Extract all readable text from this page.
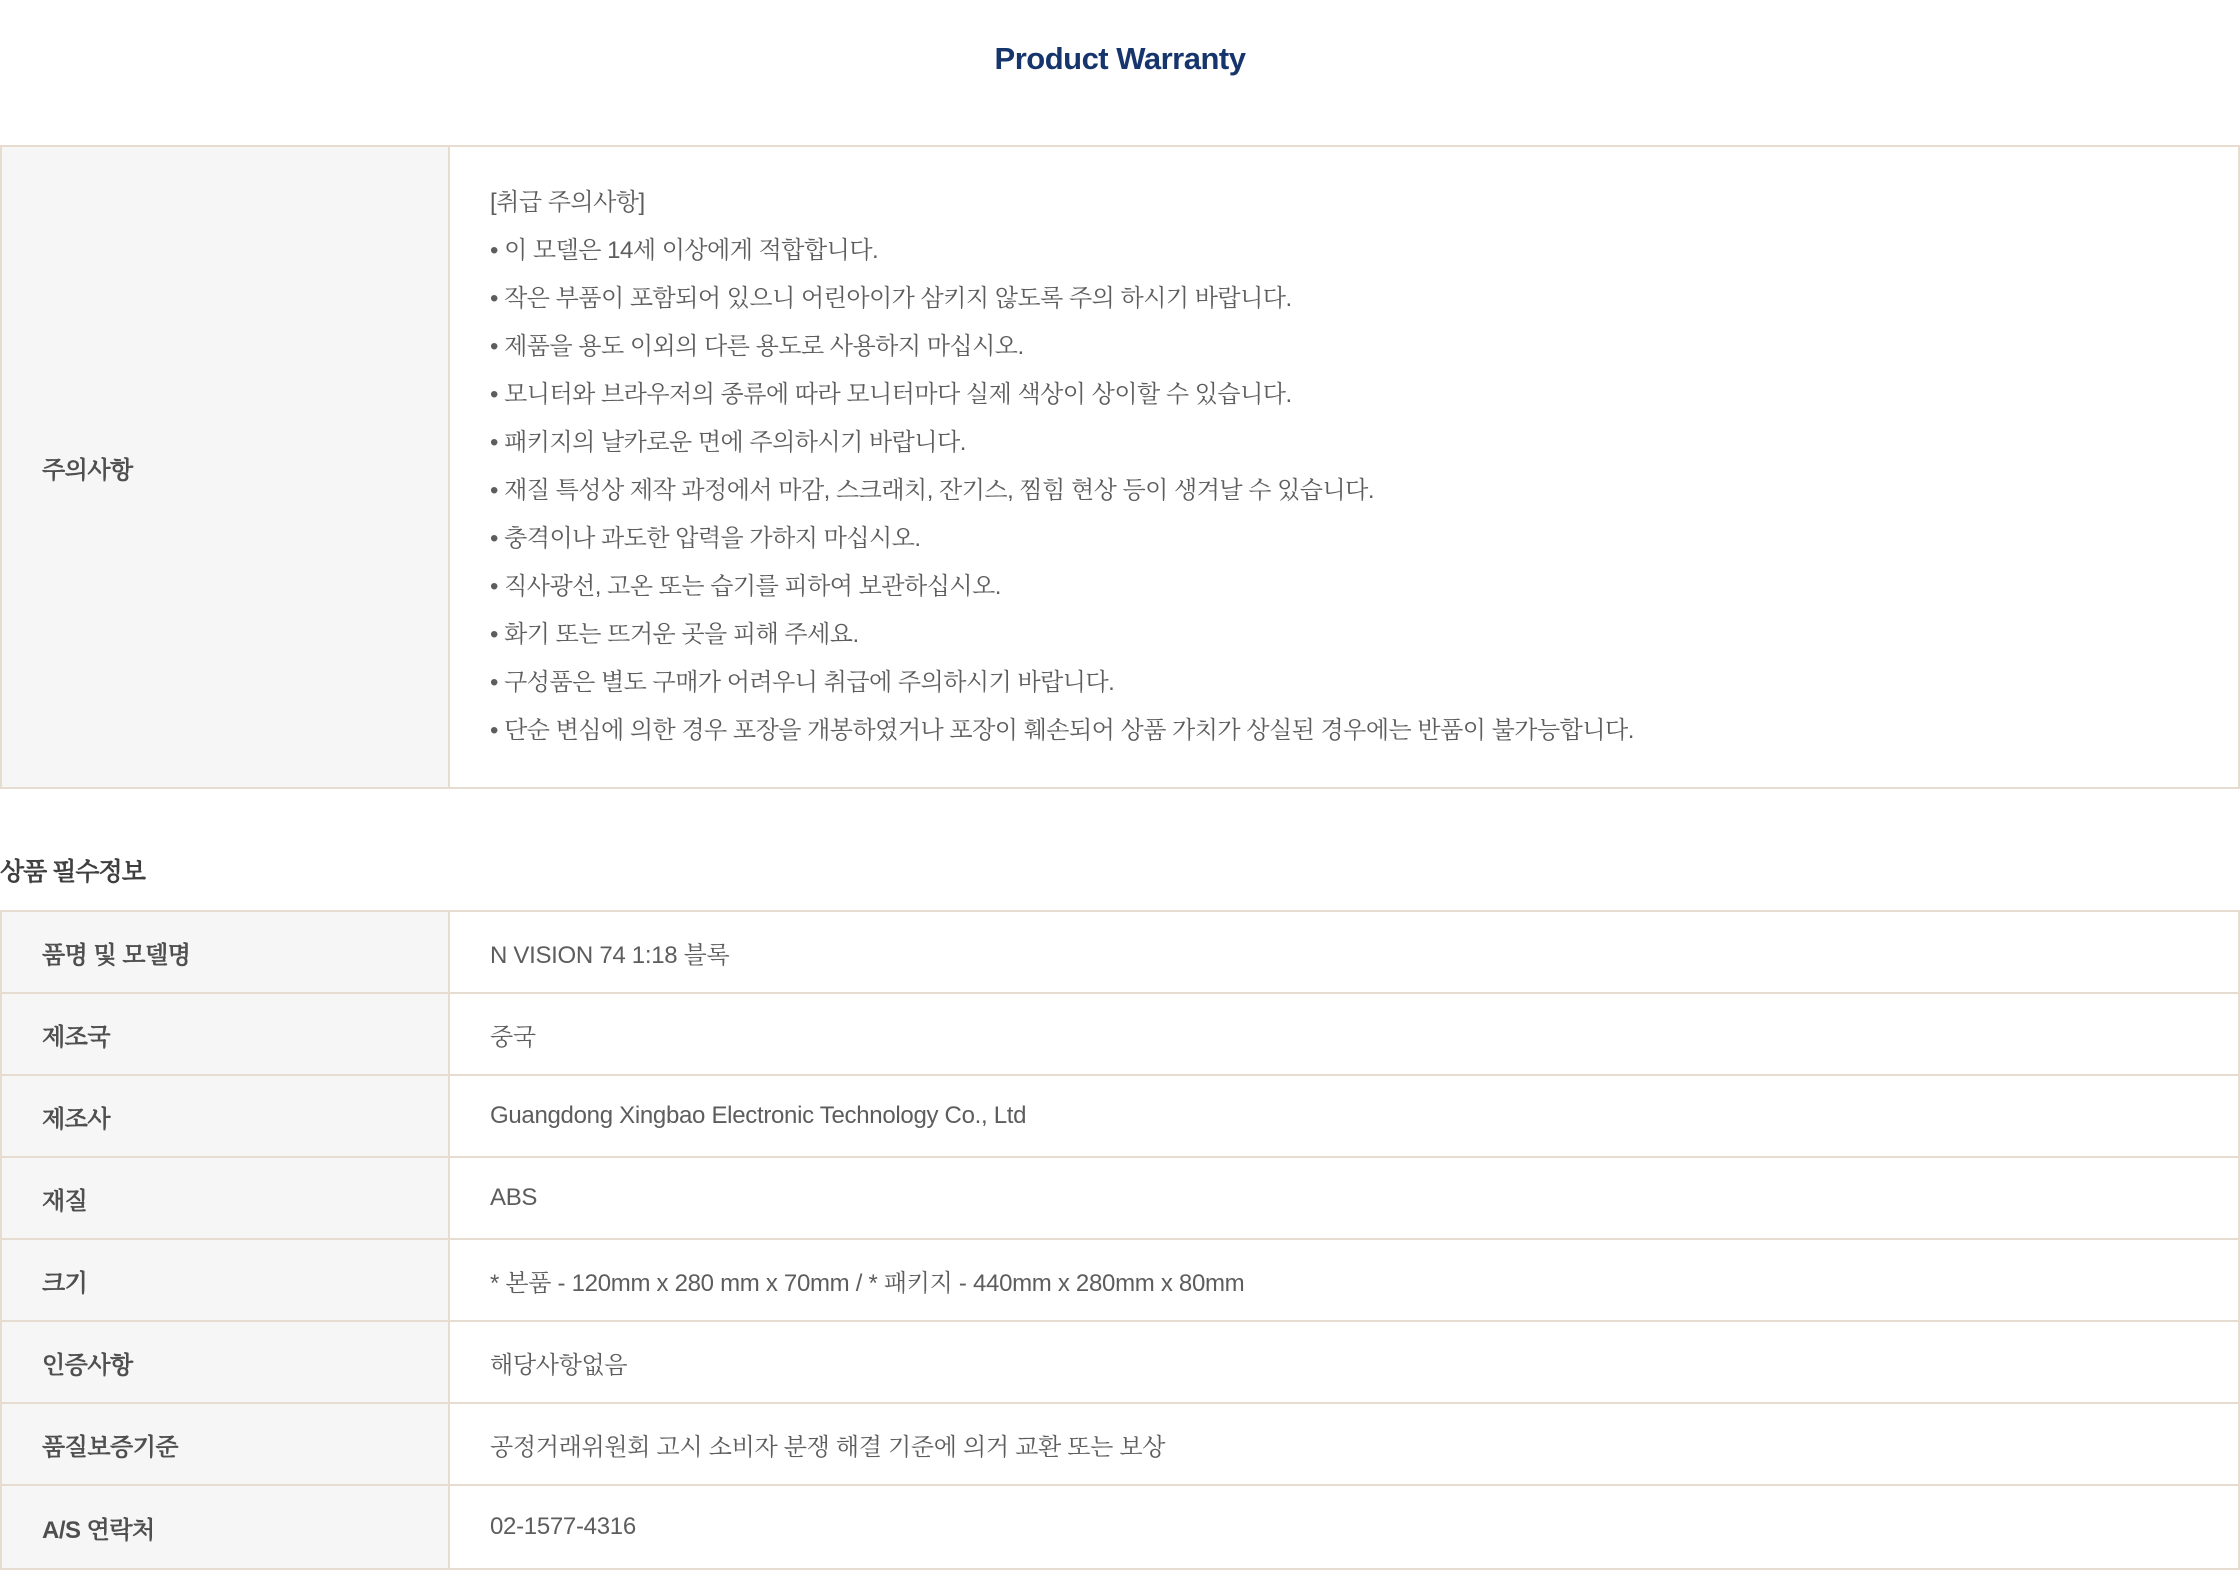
Product Warranty
주의사항

[취급 주의사항]

• 이 모델은 14세 이상에게 적합합니다.

• 작은 부품이 포함되어 있으니 어린아이가 삼키지 않도록 주의 하시기 바랍니다.

• 제품을 용도 이외의 다른 용도로 사용하지 마십시오.

• 모니터와 브라우저의 종류에 따라 모니터마다 실제 색상이 상이할 수 있습니다.

• 패키지의 날카로운 면에 주의하시기 바랍니다.

• 재질 특성상 제작 과정에서 마감, 스크래치, 잔기스, 찜힘 현상 등이 생겨날 수 있습니다.

• 충격이나 과도한 압력을 가하지 마십시오.

• 직사광선, 고온 또는 습기를 피하여 보관하십시오.

• 화기 또는 뜨거운 곳을 피해 주세요.

• 구성품은 별도 구매가 어려우니 취급에 주의하시기 바랍니다.

• 단순 변심에 의한 경우 포장을 개봉하였거나 포장이 훼손되어 상품 가치가 상실된 경우에는 반품이 불가능합니다.

상품 필수정보
품명 및 모델명	N VISION 74 1:18 블록
제조국	중국
제조사	Guangdong Xingbao Electronic Technology Co., Ltd
재질	ABS
크기	* 본품 - 120mm x 280 mm x 70mm / * 패키지 - 440mm x 280mm x 80mm
인증사항	해당사항없음
품질보증기준	공정거래위원회 고시 소비자 분쟁 해결 기준에 의거 교환 또는 보상
A/S 연락처	02-1577-4316
